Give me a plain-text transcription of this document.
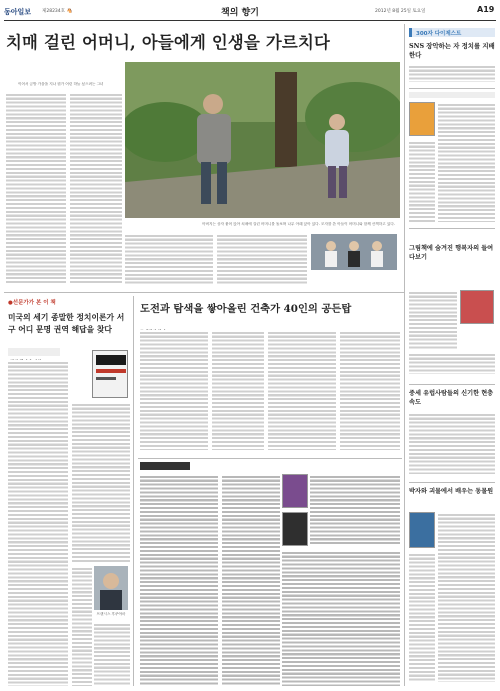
동아일보 제28234호 🐴	책의 향기	2012년 8월 25일 토요일	A19
치매 걸린 어머니, 아들에게 인생을 가르치다
이어서 금방 가을을 지나 뭔가 어린 하늘 싶으려는 그녀
아버지는 상자 붙어 앉아 치매에 걸린 어머니를 돌보며 나무 아래 앉아 있다. 모자를 쓴 아들이 어머니와 함께 산책하고 있다.
300자 다이제스트
SNS 장악하는 자 정치를 지배한다
그림책에 숨겨진 행복자의 들여다보기
중세 유럽사람들의 신기한 현충속도
박자와 괴물에서 배우는 동물원
●선문가가 본 이 책
미국의 세기 종말한 정치이론가 서구 어디 문명 권역 해답을 찾다
프랜시스 후쿠야마
도전과 탐색을 쌓아올린 건축가 40인의 공든탑
